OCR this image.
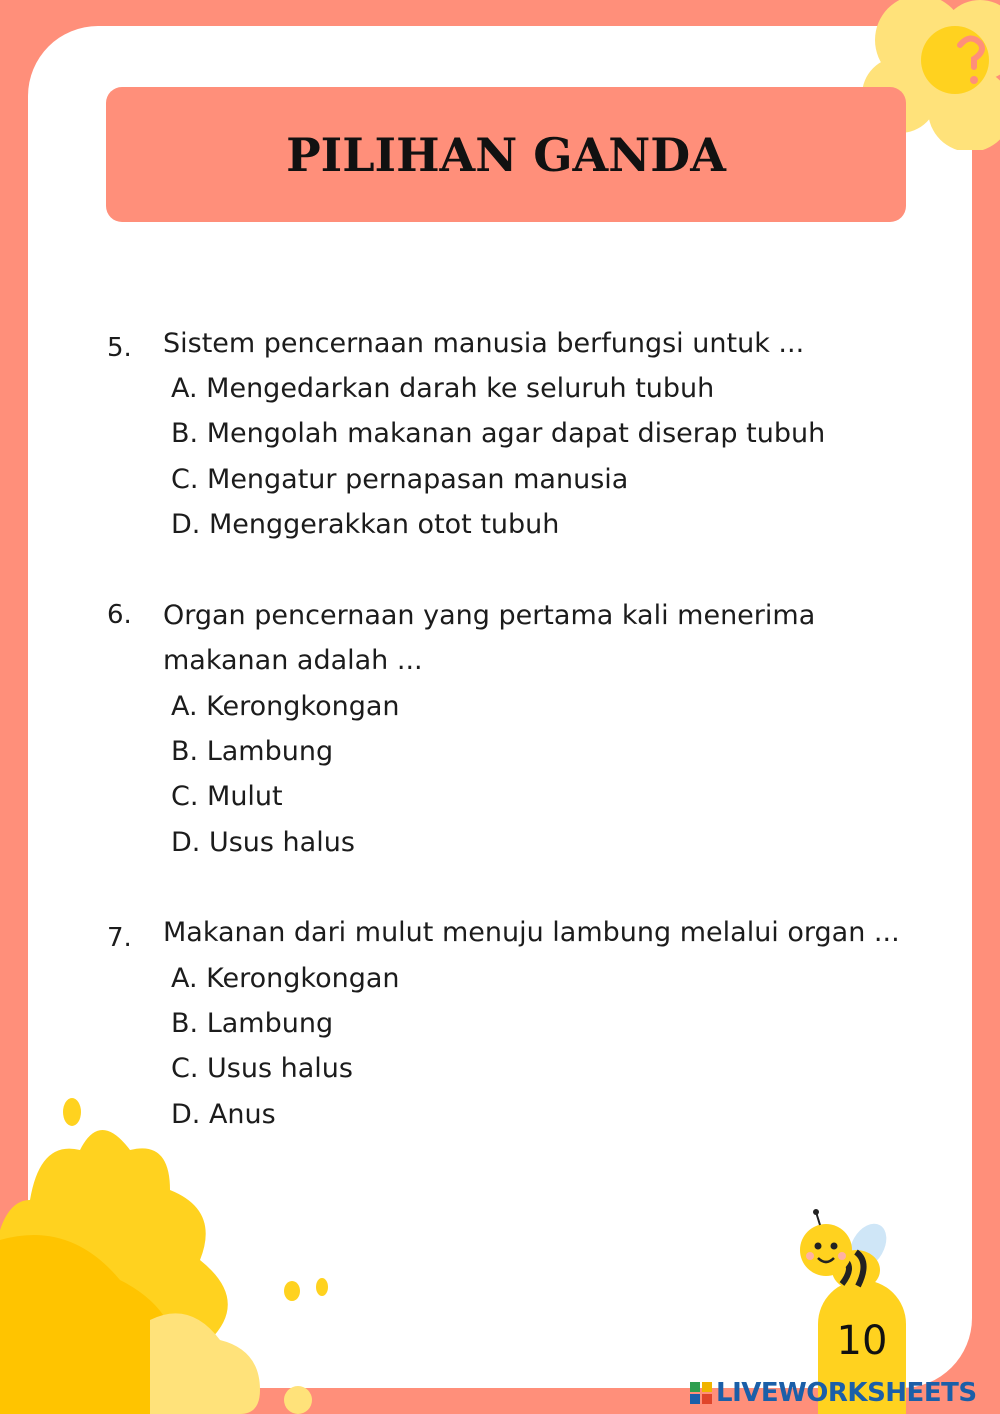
PILIHAN GANDA
5. Sistem pencernaan manusia berfungsi untuk ...
A. Mengedarkan darah ke seluruh tubuh
B. Mengolah makanan agar dapat diserap tubuh
C. Mengatur pernapasan manusia
D. Menggerakkan otot tubuh
6. Organ pencernaan yang pertama kali menerima
makanan adalah ...
A. Kerongkongan
B. Lambung
C. Mulut
D. Usus halus
7. Makanan dari mulut menuju lambung melalui organ ...
A. Kerongkongan
B. Lambung
C. Usus halus
D. Anus
10
LIVEWORKSHEETS
